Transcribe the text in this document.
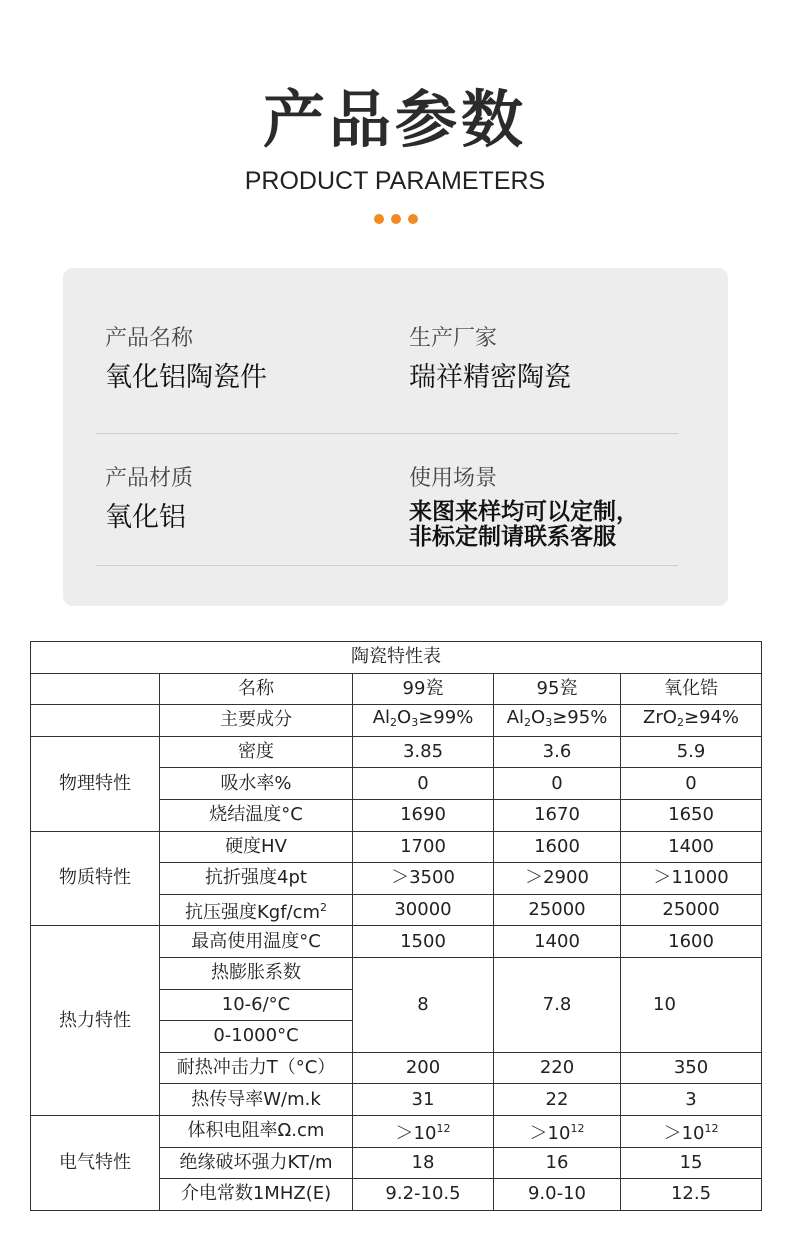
产品参数
PRODUCT PARAMETERS
产品名称
氧化铝陶瓷件
生产厂家
瑞祥精密陶瓷
产品材质
氧化铝
使用场景
来图来样均可以定制，
非标定制请联系客服
陶瓷特性表				
	名称	99瓷	95瓷	氧化锆
	主要成分	$Al_2O_3\ge 99\%$	$Al_2O_3\ge 95\%$	ZrO$_2$≥94%
物理特性	密度	3.85	3.6	5.9
	吸水率%	0	0	0
	烧结温度°C	1690	1670	1650
物质特性	硬度HV	1700	1600	1400
	抗折强度4pt	＞3500	＞2900	＞11000
	抗压强度Kgf/$cm^2$	30000	25000	25000
热力特性	最高使用温度°C	1500	1400	1600
	热膨胀系数	8	7.8	10
	10-6/°C			
	0-1000°C			
	耐热冲击力T（°C）	200	220	350
	热传导率W/m.k	31	22	3
电气特性	体积电阻率Ω.cm	$>10^{12}$	$>10^{12}$	$>10^{12}$
	绝缘破坏强力KT/m	18	16	15
	介电常数1MHZ(E)	9.2-10.5	9.0-10	12.5
